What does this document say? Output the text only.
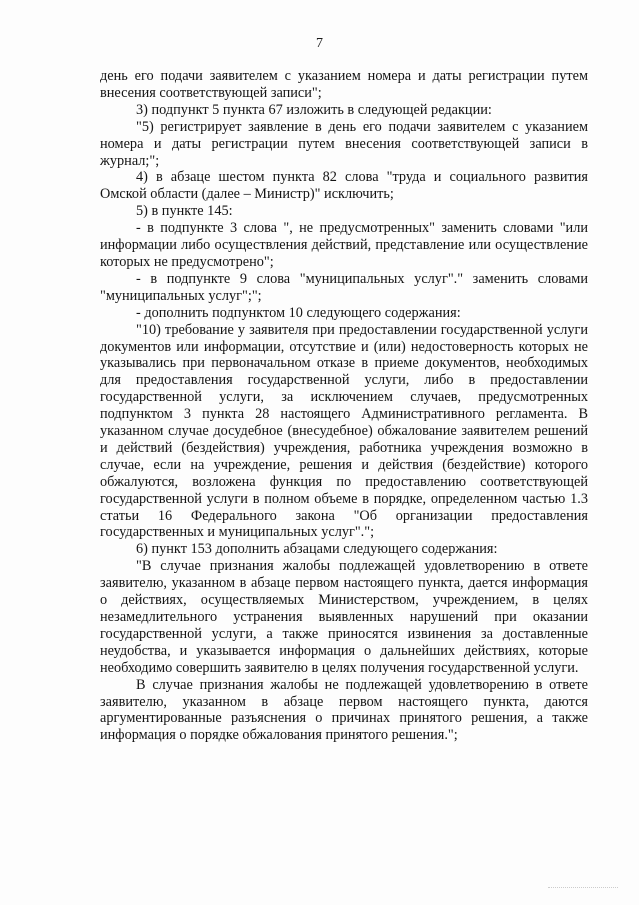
7

день его подачи заявителем с указанием номера и даты регистрации путем внесения соответствующей записи";

3) подпункт 5 пункта 67 изложить в следующей редакции:

"5) регистрирует заявление в день его подачи заявителем с указанием номера и даты регистрации путем внесения соответствующей записи в журнал;";

4) в абзаце шестом пункта 82 слова "труда и социального развития Омской области (далее – Министр)" исключить;

5) в пункте 145:

- в подпункте 3 слова ", не предусмотренных" заменить словами "или информации либо осуществления действий, представление или осуществление которых не предусмотрено";

- в подпункте 9 слова "муниципальных услуг"." заменить словами "муниципальных услуг";";

- дополнить подпунктом 10 следующего содержания:

"10) требование у заявителя при предоставлении государственной услуги документов или информации, отсутствие и (или) недостоверность которых не указывались при первоначальном отказе в приеме документов, необходимых для предоставления государственной услуги, либо в предоставлении государственной услуги, за исключением случаев, предусмотренных подпунктом 3 пункта 28 настоящего Административного регламента. В указанном случае досудебное (внесудебное) обжалование заявителем решений и действий (бездействия) учреждения, работника учреждения возможно в случае, если на учреждение, решения и действия (бездействие) которого обжалуются, возложена функция по предоставлению соответствующей государственной услуги в полном объеме в порядке, определенном частью 1.3 статьи 16 Федерального закона "Об организации предоставления государственных и муниципальных услуг".";

6) пункт 153 дополнить абзацами следующего содержания:

"В случае признания жалобы подлежащей удовлетворению в ответе заявителю, указанном в абзаце первом настоящего пункта, дается информация о действиях, осуществляемых Министерством, учреждением, в целях незамедлительного устранения выявленных нарушений при оказании государственной услуги, а также приносятся извинения за доставленные неудобства, и указывается информация о дальнейших действиях, которые необходимо совершить заявителю в целях получения государственной услуги.

В случае признания жалобы не подлежащей удовлетворению в ответе заявителю, указанном в абзаце первом настоящего пункта, даются аргументированные разъяснения о причинах принятого решения, а также информация о порядке обжалования принятого решения.";
